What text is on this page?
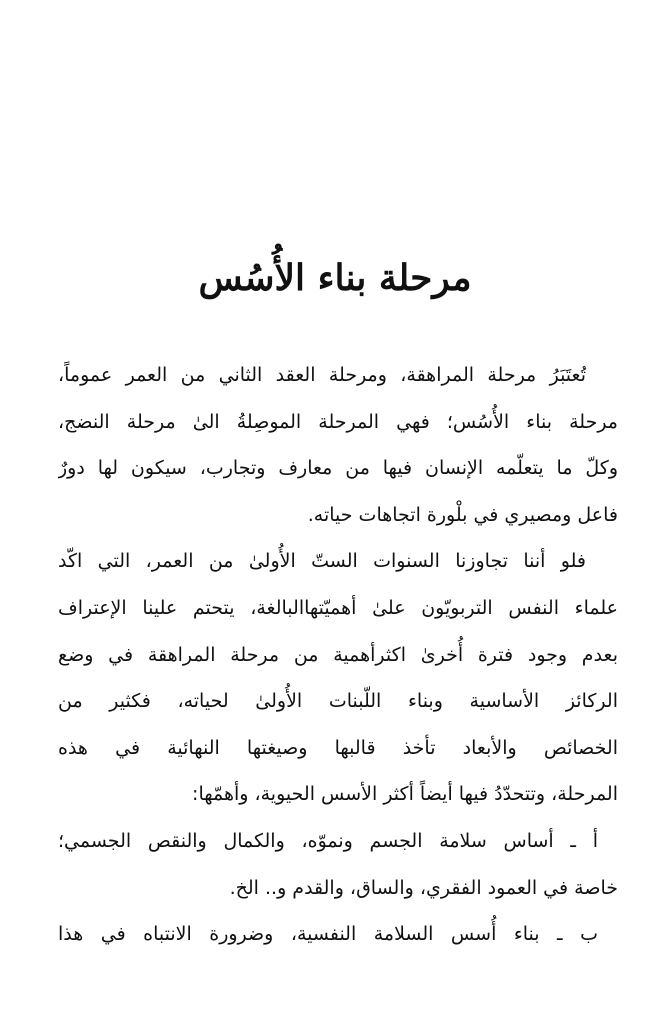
مرحلة بناء الأُسُس
تُعتَبَرُ مرحلة المراهقة، ومرحلة العقد الثاني من العمر عموماً،
مرحلة بناء الأُسُس؛ فهي المرحلة الموصِلةُ الىٰ مرحلة النضج،
وكلّ ما يتعلّمه الإنسان فيها من معارف وتجارب، سيكون لها دورٌ
فاعل ومصيري في بلْورة اتجاهات حياته.
فلو أننا تجاوزنا السنوات الستّ الأُولىٰ من العمر، التي اكّد
علماء النفس التربويّون علىٰ أهميّتهاالبالغة، يتحتم علينا الإعتراف
بعدم وجود فترة أُخرىٰ اكثرأهمية من مرحلة المراهقة في وضع
الركائز الأساسية وبناء اللّبنات الأُولىٰ لحياته، فكثير من
الخصائص والأبعاد تأخذ قالبها وصيغتها النهائية في هذه
المرحلة، وتتحدّدُ فيها أيضاً أكثر الأسس الحيوية، وأهمّها:
أ ـ أساس سلامة الجسم ونموّه، والكمال والنقص الجسمي؛
خاصة في العمود الفقري، والساق، والقدم و.. الخ.
ب ـ بناء أُسس السلامة النفسية، وضرورة الانتباه في هذا
